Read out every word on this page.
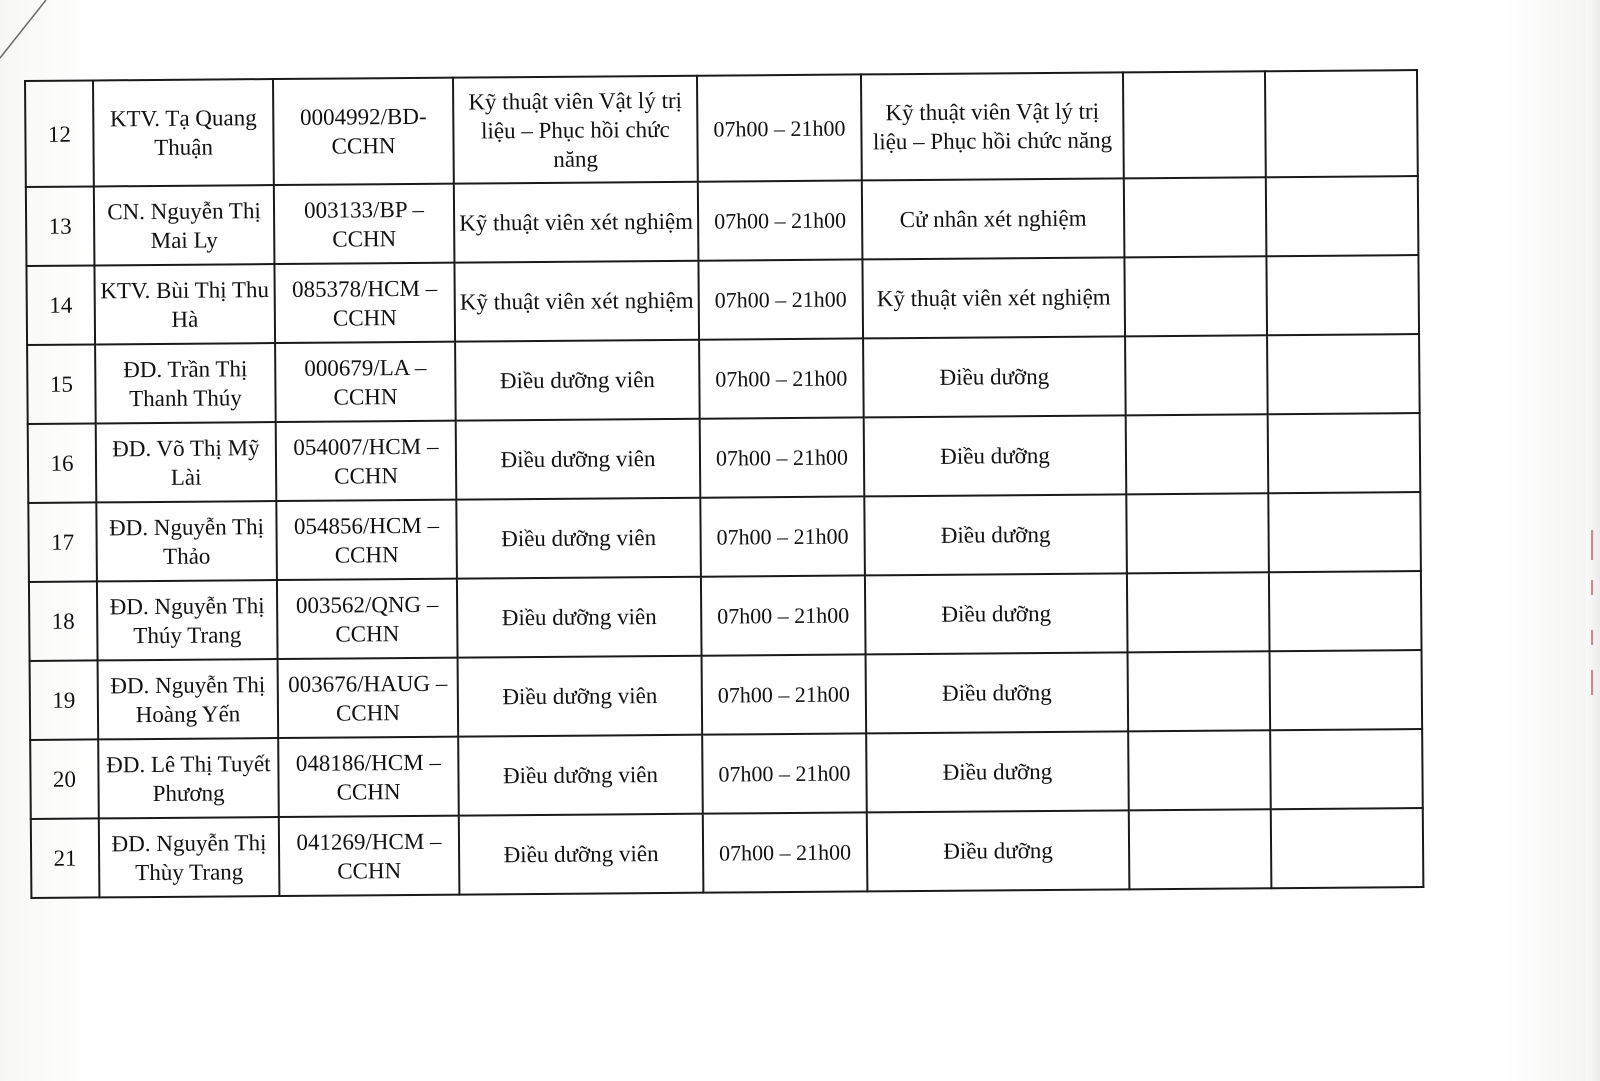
12	KTV. Tạ Quang Thuận	0004992/BD-CCHN	Kỹ thuật viên Vật lý trị liệu – Phục hồi chức năng	07h00 – 21h00	Kỹ thuật viên Vật lý trị liệu – Phục hồi chức năng		
13	CN. Nguyễn Thị Mai Ly	003133/BP – CCHN	Kỹ thuật viên xét nghiệm	07h00 – 21h00	Cử nhân xét nghiệm		
14	KTV. Bùi Thị Thu Hà	085378/HCM – CCHN	Kỹ thuật viên xét nghiệm	07h00 – 21h00	Kỹ thuật viên xét nghiệm		
15	ĐD. Trần Thị Thanh Thúy	000679/LA – CCHN	Điều dưỡng viên	07h00 – 21h00	Điều dưỡng		
16	ĐD. Võ Thị Mỹ Lài	054007/HCM – CCHN	Điều dưỡng viên	07h00 – 21h00	Điều dưỡng		
17	ĐD. Nguyễn Thị Thảo	054856/HCM – CCHN	Điều dưỡng viên	07h00 – 21h00	Điều dưỡng		
18	ĐD. Nguyễn Thị Thúy Trang	003562/QNG – CCHN	Điều dưỡng viên	07h00 – 21h00	Điều dưỡng		
19	ĐD. Nguyễn Thị Hoàng Yến	003676/HAUG – CCHN	Điều dưỡng viên	07h00 – 21h00	Điều dưỡng		
20	ĐD. Lê Thị Tuyết Phương	048186/HCM – CCHN	Điều dưỡng viên	07h00 – 21h00	Điều dưỡng		
21	ĐD. Nguyễn Thị Thùy Trang	041269/HCM – CCHN	Điều dưỡng viên	07h00 – 21h00	Điều dưỡng		
